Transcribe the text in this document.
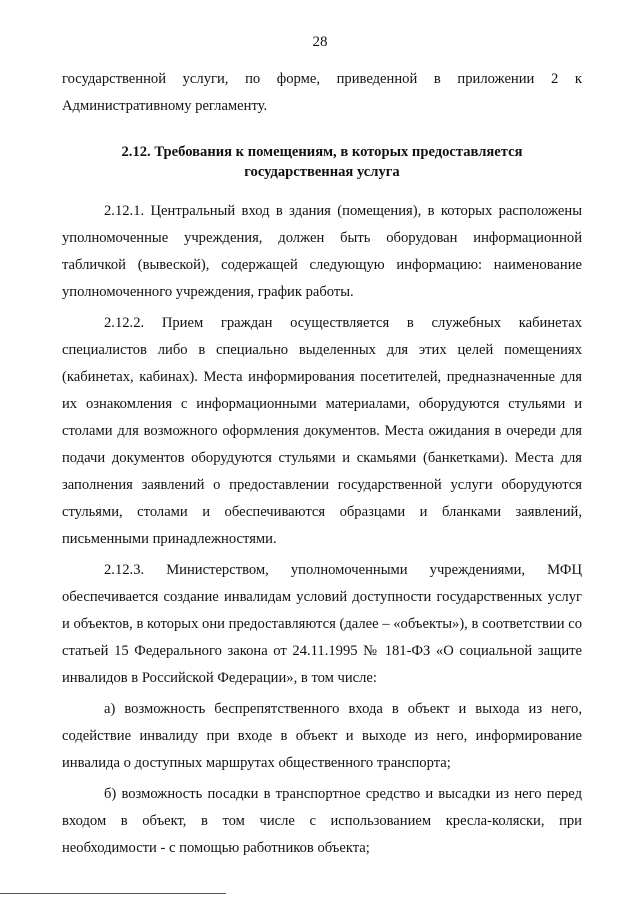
28

государственной услуги, по форме, приведенной в приложении 2 к Административному регламенту.

2.12. Требования к помещениям, в которых предоставляется государственная услуга

2.12.1. Центральный вход в здания (помещения), в которых расположены уполномоченные учреждения, должен быть оборудован информационной табличкой (вывеской), содержащей следующую информацию: наименование уполномоченного учреждения, график работы.

2.12.2. Прием граждан осуществляется в служебных кабинетах специалистов либо в специально выделенных для этих целей помещениях (кабинетах, кабинах). Места информирования посетителей, предназначенные для их ознакомления с информационными материалами, оборудуются стульями и столами для возможного оформления документов. Места ожидания в очереди для подачи документов оборудуются стульями и скамьями (банкетками). Места для заполнения заявлений о предоставлении государственной услуги оборудуются стульями, столами и обеспечиваются образцами и бланками заявлений, письменными принадлежностями.

2.12.3. Министерством, уполномоченными учреждениями, МФЦ обеспечивается создание инвалидам условий доступности государственных услуг и объектов, в которых они предоставляются (далее – «объекты»), в соответствии со статьей 15 Федерального закона от 24.11.1995 № 181-ФЗ «О социальной защите инвалидов в Российской Федерации», в том числе:

а) возможность беспрепятственного входа в объект и выхода из него, содействие инвалиду при входе в объект и выходе из него, информирование инвалида о доступных маршрутах общественного транспорта;

б) возможность посадки в транспортное средство и высадки из него перед входом в объект, в том числе с использованием кресла-коляски, при необходимости - с помощью работников объекта;
